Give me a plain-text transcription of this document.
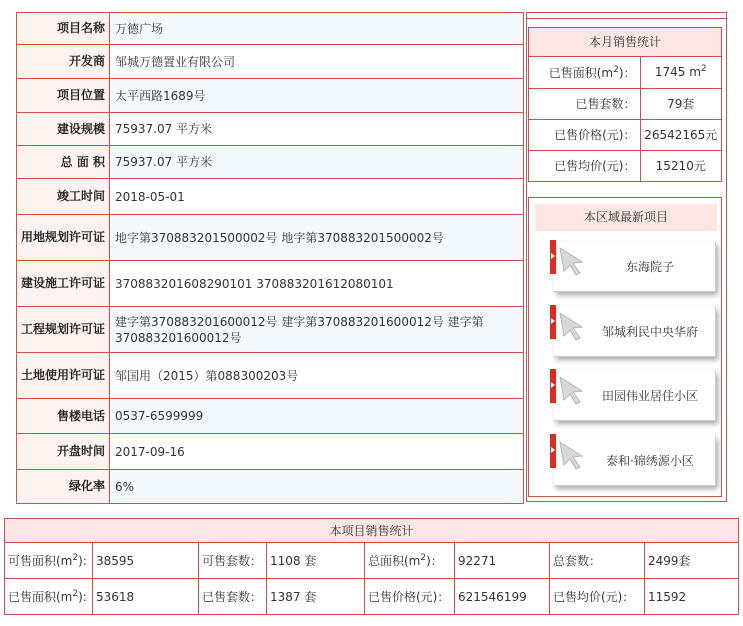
项目名称	万德广场
开发商	邹城万德置业有限公司
项目位置	太平西路1689号
建设规模	75937.07 平方米
总 面 积	75937.07 平方米
竣工时间	2018-05-01
用地规划许可证	地字第370883201500002号 地字第370883201500002号
建设施工许可证	370883201608290101 370883201612080101
工程规划许可证	建字第370883201600012号 建字第370883201600012号 建字第370883201600012号
土地使用许可证	邹国用（2015）第088300203号
售楼电话	0537-6599999
开盘时间	2017-09-16
绿化率	6%
本月销售统计
已售面积$(m^2)$：	1745 $m^2$
已售套数：	79套
已售价格(元)：	26542165元
已售均价(元)：	15210元
本区域最新项目
东海院子
邹城利民中央华府
田园伟业居住小区
泰和·锦绣源小区
本项目销售统计							
可售面积$(m^2)$:	38595	可售套数：	1108 套	总面积$(m^2)$：	92271	总套数：	2499套
已售面积$(m^2)$:	53618	已售套数：	1387 套	已售价格(元)：	621546199	已售均价(元)：	11592
